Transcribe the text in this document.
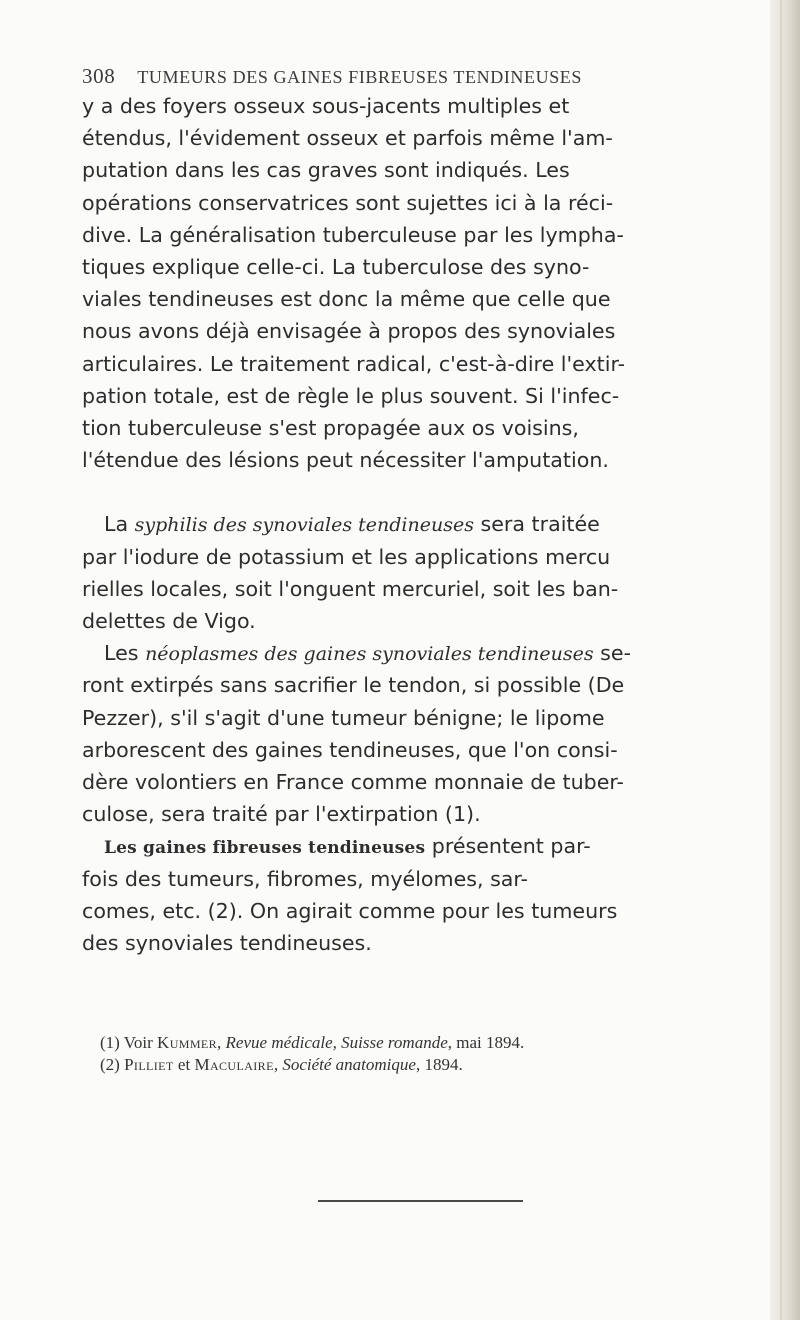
308 TUMEURS DES GAINES FIBREUSES TENDINEUSES
y a des foyers osseux sous-jacents multiples et
étendus, l'évidement osseux et parfois même l'am-
putation dans les cas graves sont indiqués. Les
opérations conservatrices sont sujettes ici à la réci-
dive. La généralisation tuberculeuse par les lympha-
tiques explique celle-ci. La tuberculose des syno-
viales tendineuses est donc la même que celle que
nous avons déjà envisagée à propos des synoviales
articulaires. Le traitement radical, c'est-à-dire l'extir-
pation totale, est de règle le plus souvent. Si l'infec-
tion tuberculeuse s'est propagée aux os voisins,
l'étendue des lésions peut nécessiter l'amputation.
La syphilis des synoviales tendineuses sera traitée
par l'iodure de potassium et les applications mercu
rielles locales, soit l'onguent mercuriel, soit les ban-
delettes de Vigo.
Les néoplasmes des gaines synoviales tendineuses se-
ront extirpés sans sacrifier le tendon, si possible (De
Pezzer), s'il s'agit d'une tumeur bénigne; le lipome
arborescent des gaines tendineuses, que l'on consi-
dère volontiers en France comme monnaie de tuber-
culose, sera traité par l'extirpation (1).
Les gaines fibreuses tendineuses présentent par-
fois des tumeurs, fibromes, myélomes, sar-
comes, etc. (2). On agirait comme pour les tumeurs
des synoviales tendineuses.
(1) Voir Kummer, Revue médicale, Suisse romande, mai 1894.
(2) Pilliet et Maculaire, Société anatomique, 1894.
